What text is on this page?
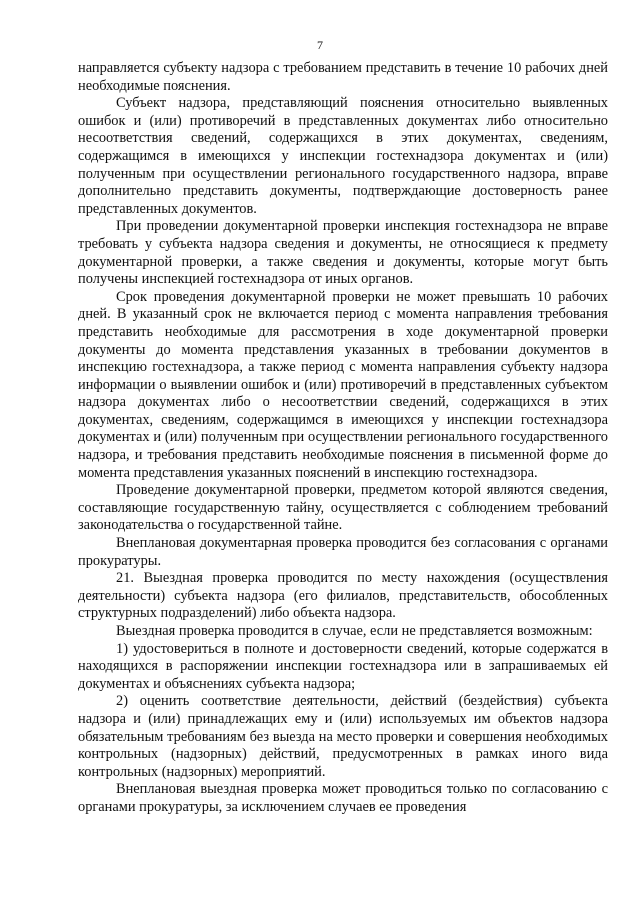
7

направляется субъекту надзора с требованием представить в течение 10 рабочих дней необходимые пояснения.

Субъект надзора, представляющий пояснения относительно выявленных ошибок и (или) противоречий в представленных документах либо относительно несоответствия сведений, содержащихся в этих документах, сведениям, содержащимся в имеющихся у инспекции гостехнадзора документах и (или) полученным при осуществлении регионального государственного надзора, вправе дополнительно представить документы, подтверждающие достоверность ранее представленных документов.

При проведении документарной проверки инспекция гостехнадзора не вправе требовать у субъекта надзора сведения и документы, не относящиеся к предмету документарной проверки, а также сведения и документы, которые могут быть получены инспекцией гостехнадзора от иных органов.

Срок проведения документарной проверки не может превышать 10 рабочих дней. В указанный срок не включается период с момента направления требования представить необходимые для рассмотрения в ходе документарной проверки документы до момента представления указанных в требовании документов в инспекцию гостехнадзора, а также период с момента направления субъекту надзора информации о выявлении ошибок и (или) противоречий в представленных субъектом надзора документах либо о несоответствии сведений, содержащихся в этих документах, сведениям, содержащимся в имеющихся у инспекции гостехнадзора документах и (или) полученным при осуществлении регионального государственного надзора, и требования представить необходимые пояснения в письменной форме до момента представления указанных пояснений в инспекцию гостехнадзора.

Проведение документарной проверки, предметом которой являются сведения, составляющие государственную тайну, осуществляется с соблюдением требований законодательства о государственной тайне.

Внеплановая документарная проверка проводится без согласования с органами прокуратуры.

21. Выездная проверка проводится по месту нахождения (осуществления деятельности) субъекта надзора (его филиалов, представительств, обособленных структурных подразделений) либо объекта надзора.

Выездная проверка проводится в случае, если не представляется возможным:

1) удостовериться в полноте и достоверности сведений, которые содержатся в находящихся в распоряжении инспекции гостехнадзора или в запрашиваемых ей документах и объяснениях субъекта надзора;

2) оценить соответствие деятельности, действий (бездействия) субъекта надзора и (или) принадлежащих ему и (или) используемых им объектов надзора обязательным требованиям без выезда на место проверки и совершения необходимых контрольных (надзорных) действий, предусмотренных в рамках иного вида контрольных (надзорных) мероприятий.

Внеплановая выездная проверка может проводиться только по согласованию с органами прокуратуры, за исключением случаев ее проведения
